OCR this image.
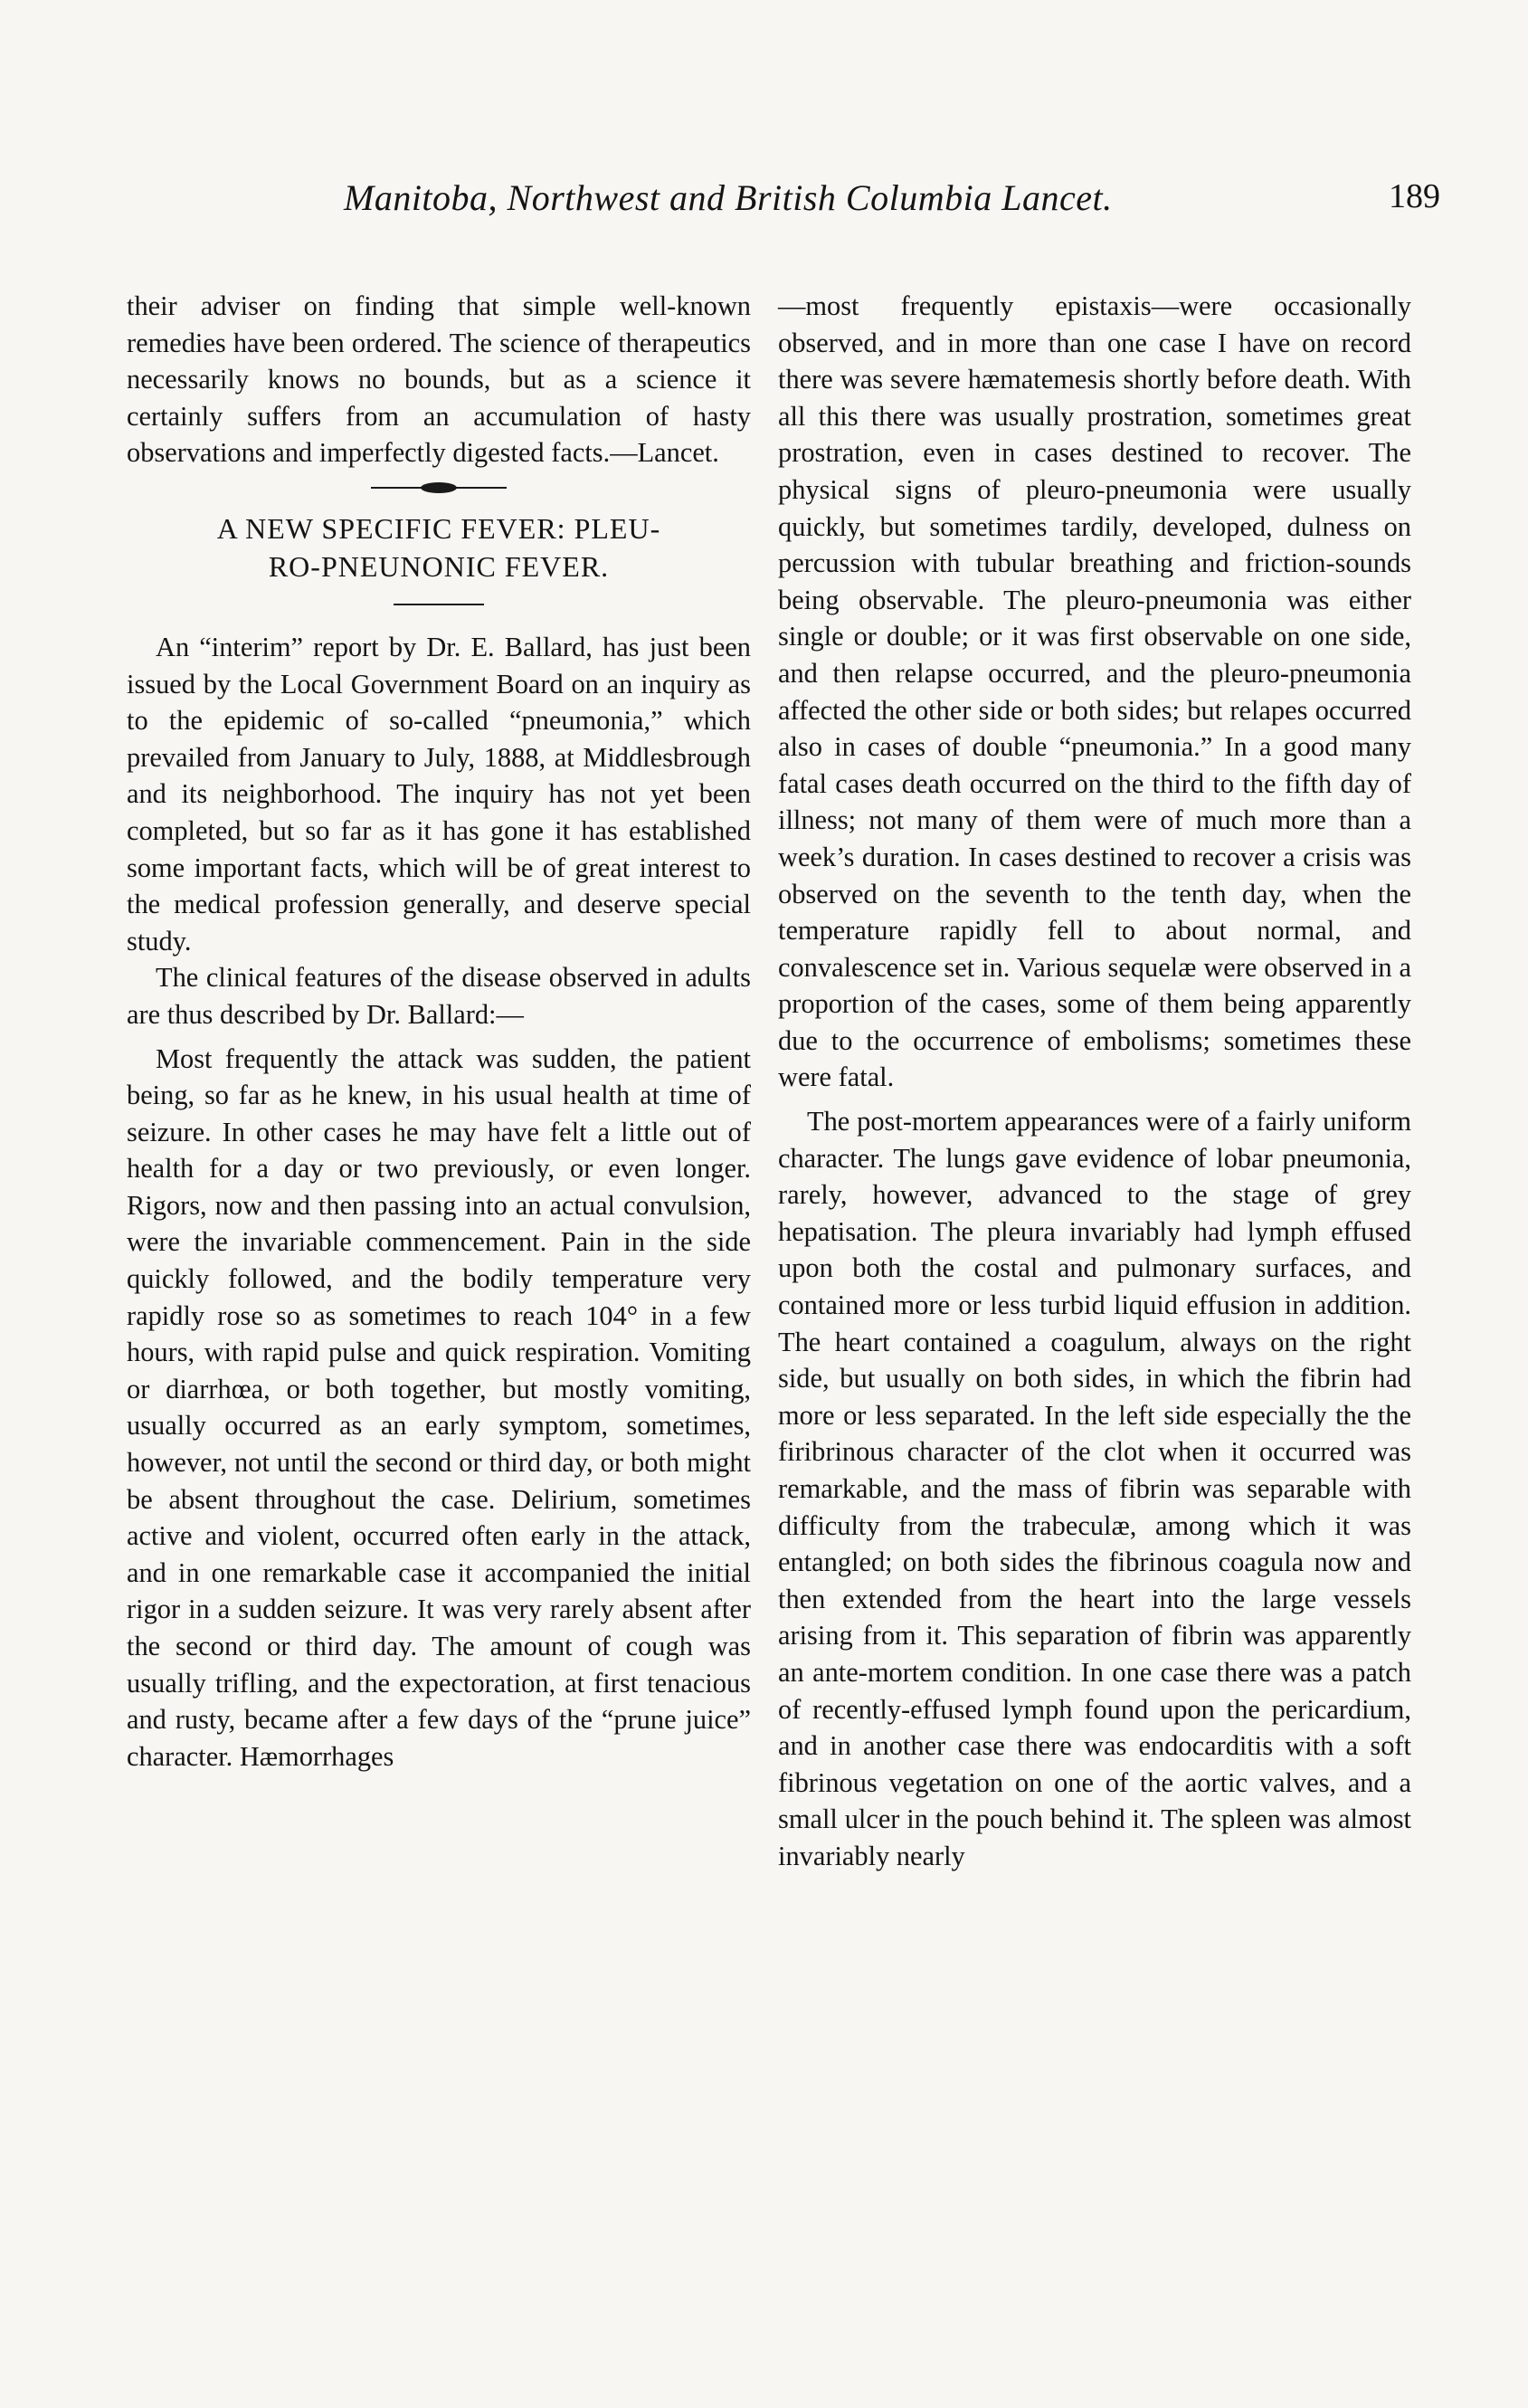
Manitoba, Northwest and British Columbia Lancet.	189

their adviser on finding that simple well-known remedies have been ordered. The science of therapeutics necessarily knows no bounds, but as a science it certainly suffers from an accumulation of hasty observations and imperfectly digested facts.—Lancet.

A NEW SPECIFIC FEVER: PLEU-
RO-PNEUNONIC FEVER.

An “interim” report by Dr. E. Ballard, has just been issued by the Local Government Board on an inquiry as to the epidemic of so-called “pneumonia,” which prevailed from January to July, 1888, at Middlesbrough and its neighborhood. The inquiry has not yet been completed, but so far as it has gone it has established some important facts, which will be of great interest to the medical profession generally, and deserve special study.

The clinical features of the disease observed in adults are thus described by Dr. Ballard:—

Most frequently the attack was sudden, the patient being, so far as he knew, in his usual health at time of seizure. In other cases he may have felt a little out of health for a day or two previously, or even longer. Rigors, now and then passing into an actual convulsion, were the invariable commencement. Pain in the side quickly followed, and the bodily temperature very rapidly rose so as sometimes to reach 104° in a few hours, with rapid pulse and quick respiration. Vomiting or diarrhœa, or both together, but mostly vomiting, usually occurred as an early symptom, sometimes, however, not until the second or third day, or both might be absent throughout the case. Delirium, sometimes active and violent, occurred often early in the attack, and in one remarkable case it accompanied the initial rigor in a sudden seizure. It was very rarely absent after the second or third day. The amount of cough was usually trifling, and the expectoration, at first tenacious and rusty, became after a few days of the “prune juice” character. Hæmorrhages

—most frequently epistaxis—were occasionally observed, and in more than one case I have on record there was severe hæmatemesis shortly before death. With all this there was usually prostration, sometimes great prostration, even in cases destined to recover. The physical signs of pleuro-pneumonia were usually quickly, but sometimes tardily, developed, dulness on percussion with tubular breathing and friction-sounds being observable. The pleuro-pneumonia was either single or double; or it was first observable on one side, and then relapse occurred, and the pleuro-pneumonia affected the other side or both sides; but relapes occurred also in cases of double “pneumonia.” In a good many fatal cases death occurred on the third to the fifth day of illness; not many of them were of much more than a week’s duration. In cases destined to recover a crisis was observed on the seventh to the tenth day, when the temperature rapidly fell to about normal, and convalescence set in. Various sequelæ were observed in a proportion of the cases, some of them being apparently due to the occurrence of embolisms; sometimes these were fatal.

The post-mortem appearances were of a fairly uniform character. The lungs gave evidence of lobar pneumonia, rarely, however, advanced to the stage of grey hepatisation. The pleura invariably had lymph effused upon both the costal and pulmonary surfaces, and contained more or less turbid liquid effusion in addition. The heart contained a coagulum, always on the right side, but usually on both sides, in which the fibrin had more or less separated. In the left side especially the the firibrinous character of the clot when it occurred was remarkable, and the mass of fibrin was separable with difficulty from the trabeculæ, among which it was entangled; on both sides the fibrinous coagula now and then extended from the heart into the large vessels arising from it. This separation of fibrin was apparently an ante-mortem condition. In one case there was a patch of recently-effused lymph found upon the pericardium, and in another case there was endocarditis with a soft fibrinous vegetation on one of the aortic valves, and a small ulcer in the pouch behind it. The spleen was almost invariably nearly
